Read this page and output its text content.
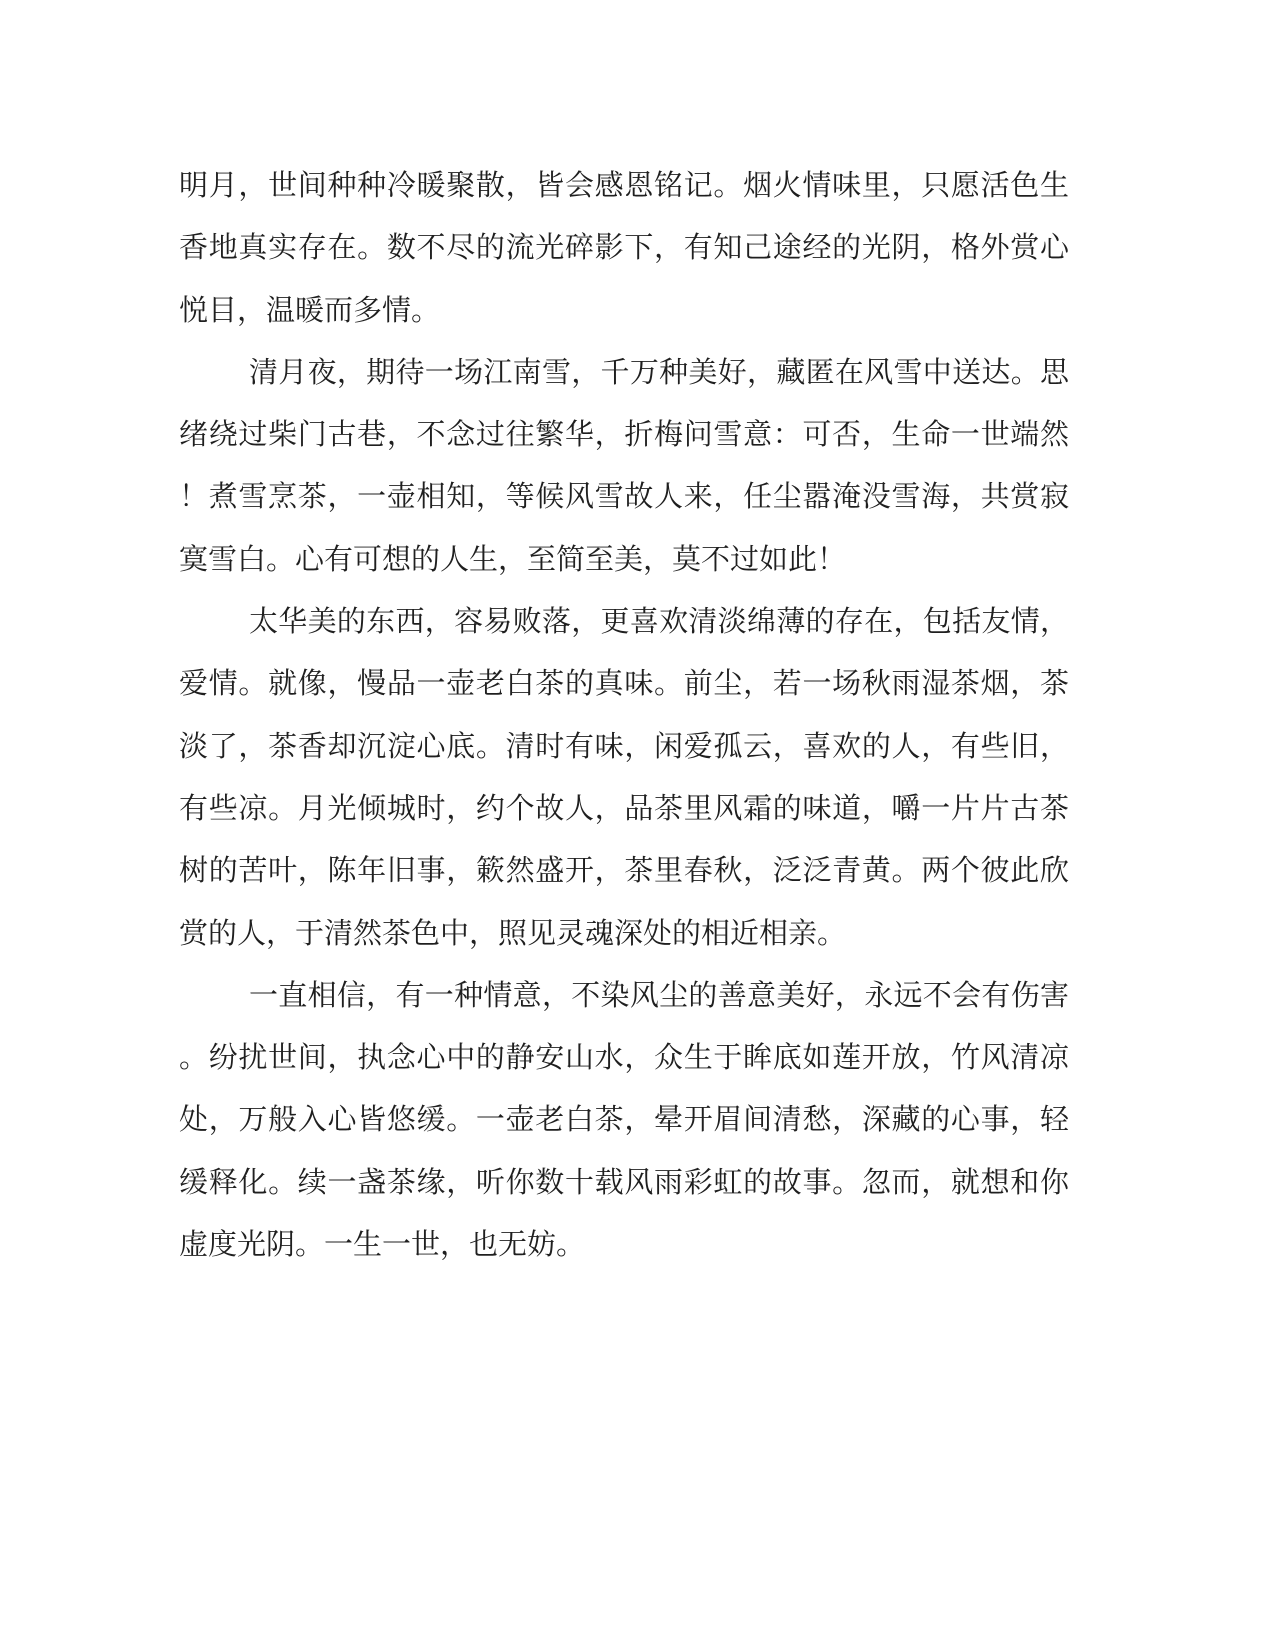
明月，世间种种冷暖聚散，皆会感恩铭记。烟火情味里，只愿活色生
香地真实存在。数不尽的流光碎影下，有知己途经的光阴，格外赏心
悦目，温暖而多情。
清月夜，期待一场江南雪，千万种美好，藏匿在风雪中送达。思
绪绕过柴门古巷，不念过往繁华，折梅问雪意：可否，生命一世端然
！煮雪烹茶，一壶相知，等候风雪故人来，任尘嚣淹没雪海，共赏寂
寞雪白。心有可想的人生，至简至美，莫不过如此！
太华美的东西，容易败落，更喜欢清淡绵薄的存在，包括友情，
爱情。就像，慢品一壶老白茶的真味。前尘，若一场秋雨湿茶烟，茶
淡了，茶香却沉淀心底。清时有味，闲爱孤云，喜欢的人，有些旧，
有些凉。月光倾城时，约个故人，品茶里风霜的味道，嚼一片片古茶
树的苦叶，陈年旧事，簌然盛开，茶里春秋，泛泛青黄。两个彼此欣
赏的人，于清然茶色中，照见灵魂深处的相近相亲。
一直相信，有一种情意，不染风尘的善意美好，永远不会有伤害
。纷扰世间，执念心中的静安山水，众生于眸底如莲开放，竹风清凉
处，万般入心皆悠缓。一壶老白茶，晕开眉间清愁，深藏的心事，轻
缓释化。续一盏茶缘，听你数十载风雨彩虹的故事。忽而，就想和你
虚度光阴。一生一世，也无妨。
